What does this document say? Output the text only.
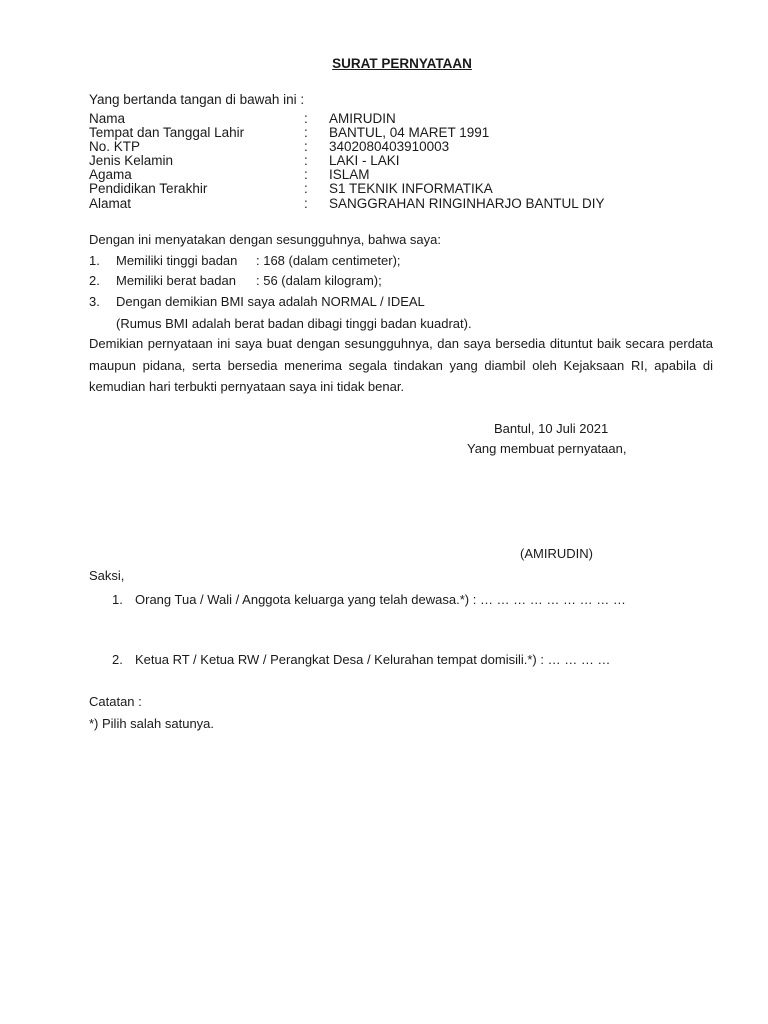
SURAT PERNYATAAN
Yang bertanda tangan di bawah ini :
Nama	: AMIRUDIN
Tempat dan Tanggal Lahir	: BANTUL, 04 MARET 1991
No. KTP	: 3402080403910003
Jenis Kelamin	: LAKI - LAKI
Agama	: ISLAM
Pendidikan Terakhir	: S1 TEKNIK INFORMATIKA
Alamat	: SANGGRAHAN RINGINHARJO BANTUL DIY
Dengan ini menyatakan dengan sesungguhnya, bahwa saya:
1. Memiliki tinggi badan : 168 (dalam centimeter);
2. Memiliki berat badan : 56 (dalam kilogram);
3. Dengan demikian BMI saya adalah NORMAL / IDEAL
(Rumus BMI adalah berat badan dibagi tinggi badan kuadrat).
Demikian pernyataan ini saya buat dengan sesungguhnya, dan saya bersedia dituntut baik secara perdata maupun pidana, serta bersedia menerima segala tindakan yang diambil oleh Kejaksaan RI, apabila di kemudian hari terbukti pernyataan saya ini tidak benar.
Bantul, 10 Juli 2021
Yang membuat pernyataan,
(AMIRUDIN)
Saksi,
1. Orang Tua / Wali / Anggota keluarga yang telah dewasa.*) : … … … … … … … … …
2. Ketua RT / Ketua RW / Perangkat Desa / Kelurahan tempat domisili.*) : … … … …
Catatan :
*) Pilih salah satunya.
